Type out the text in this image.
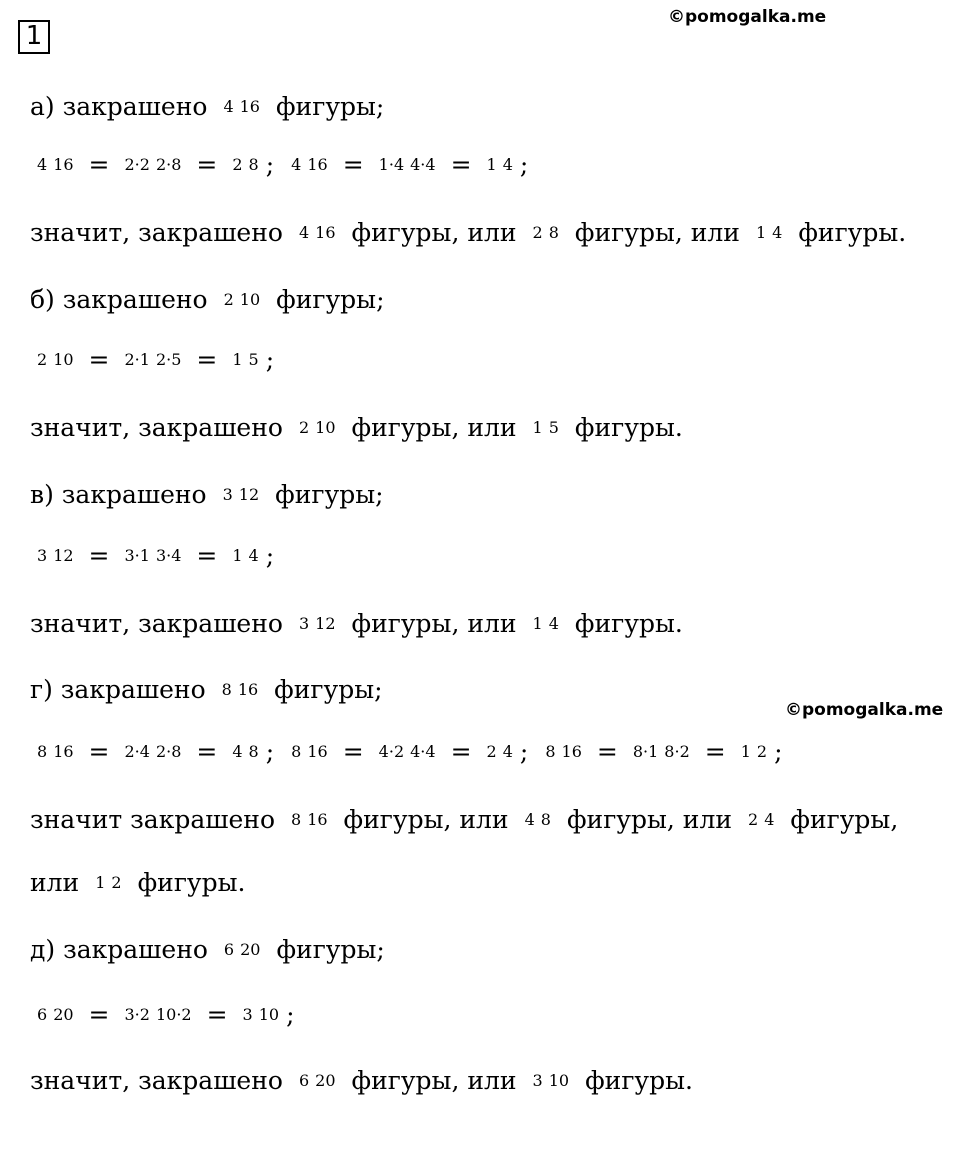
1
©pomogalka.me
©pomogalka.me
а) закрашено 4 16 фигуры;
4 16 = 2·2 2·8 = 2 8 ; 4 16 = 1·4 4·4 = 1 4 ;
значит, закрашено 4 16 фигуры, или 2 8 фигуры, или 1 4 фигуры.
б) закрашено 2 10 фигуры;
2 10 = 2·1 2·5 = 1 5 ;
значит, закрашено 2 10 фигуры, или 1 5 фигуры.
в) закрашено 3 12 фигуры;
3 12 = 3·1 3·4 = 1 4 ;
значит, закрашено 3 12 фигуры, или 1 4 фигуры.
г) закрашено 8 16 фигуры;
8 16 = 2·4 2·8 = 4 8 ; 8 16 = 4·2 4·4 = 2 4 ; 8 16 = 8·1 8·2 = 1 2 ;
значит закрашено 8 16 фигуры, или 4 8 фигуры, или 2 4 фигуры,
или 1 2 фигуры.
д) закрашено 6 20 фигуры;
6 20 = 3·2 10·2 = 3 10 ;
значит, закрашено 6 20 фигуры, или 3 10 фигуры.
